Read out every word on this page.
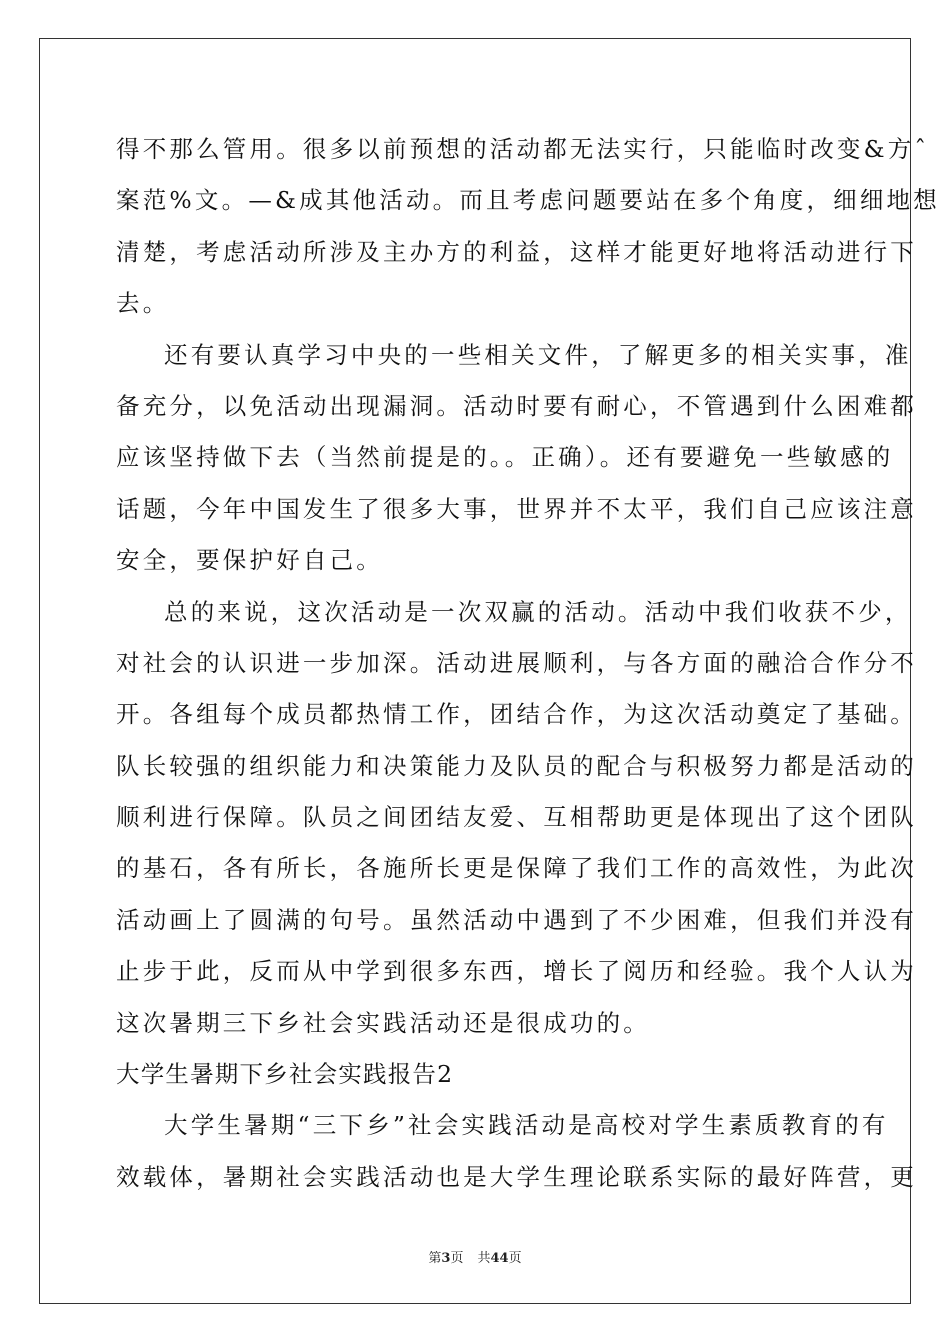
得不那么管用。很多以前预想的活动都无法实行，只能临时改变&方ˆ
案范%文。—&成其他活动。而且考虑问题要站在多个角度，细细地想
清楚，考虑活动所涉及主办方的利益，这样才能更好地将活动进行下
去。
还有要认真学习中央的一些相关文件，了解更多的相关实事，准
备充分，以免活动出现漏洞。活动时要有耐心，不管遇到什么困难都
应该坚持做下去（当然前提是的。。正确）。还有要避免一些敏感的
话题，今年中国发生了很多大事，世界并不太平，我们自己应该注意
安全，要保护好自己。
总的来说，这次活动是一次双赢的活动。活动中我们收获不少，
对社会的认识进一步加深。活动进展顺利，与各方面的融洽合作分不
开。各组每个成员都热情工作，团结合作，为这次活动奠定了基础。
队长较强的组织能力和决策能力及队员的配合与积极努力都是活动的
顺利进行保障。队员之间团结友爱、互相帮助更是体现出了这个团队
的基石，各有所长，各施所长更是保障了我们工作的高效性，为此次
活动画上了圆满的句号。虽然活动中遇到了不少困难，但我们并没有
止步于此，反而从中学到很多东西，增长了阅历和经验。我个人认为
这次暑期三下乡社会实践活动还是很成功的。
大学生暑期下乡社会实践报告2
大学生暑期“三下乡”社会实践活动是高校对学生素质教育的有
效载体，暑期社会实践活动也是大学生理论联系实际的最好阵营，更
第3页 共44页
